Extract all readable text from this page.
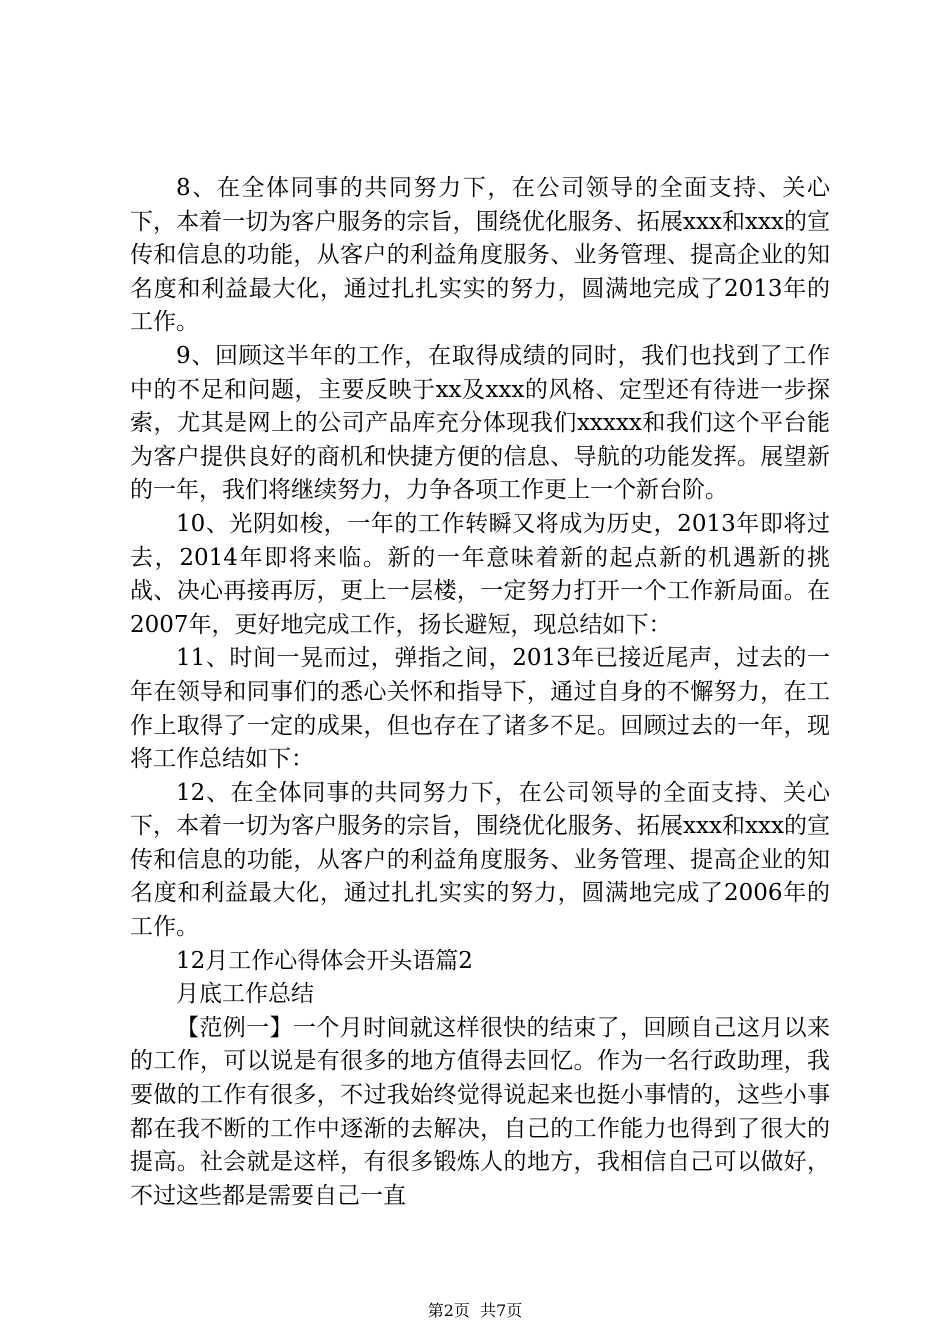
8、在全体同事的共同努力下，在公司领导的全面支持、关心下，本着一切为客户服务的宗旨，围绕优化服务、拓展xxx和xxx的宣传和信息的功能，从客户的利益角度服务、业务管理、提高企业的知名度和利益最大化，通过扎扎实实的努力，圆满地完成了2013年的工作。

9、回顾这半年的工作，在取得成绩的同时，我们也找到了工作中的不足和问题，主要反映于xx及xxx的风格、定型还有待进一步探索，尤其是网上的公司产品库充分体现我们xxxxx和我们这个平台能为客户提供良好的商机和快捷方便的信息、导航的功能发挥。展望新的一年，我们将继续努力，力争各项工作更上一个新台阶。

10、光阴如梭，一年的工作转瞬又将成为历史，2013年即将过去，2014年即将来临。新的一年意味着新的起点新的机遇新的挑战、决心再接再厉，更上一层楼，一定努力打开一个工作新局面。在2007年，更好地完成工作，扬长避短，现总结如下：

11、时间一晃而过，弹指之间，2013年已接近尾声，过去的一年在领导和同事们的悉心关怀和指导下，通过自身的不懈努力，在工作上取得了一定的成果，但也存在了诸多不足。回顾过去的一年，现将工作总结如下：

12、在全体同事的共同努力下，在公司领导的全面支持、关心下，本着一切为客户服务的宗旨，围绕优化服务、拓展xxx和xxx的宣传和信息的功能，从客户的利益角度服务、业务管理、提高企业的知名度和利益最大化，通过扎扎实实的努力，圆满地完成了2006年的工作。

12月工作心得体会开头语篇2

月底工作总结

【范例一】一个月时间就这样很快的结束了，回顾自己这月以来的工作，可以说是有很多的地方值得去回忆。作为一名行政助理，我要做的工作有很多，不过我始终觉得说起来也挺小事情的，这些小事都在我不断的工作中逐渐的去解决，自己的工作能力也得到了很大的提高。社会就是这样，有很多锻炼人的地方，我相信自己可以做好，不过这些都是需要自己一直

第2页 共7页
